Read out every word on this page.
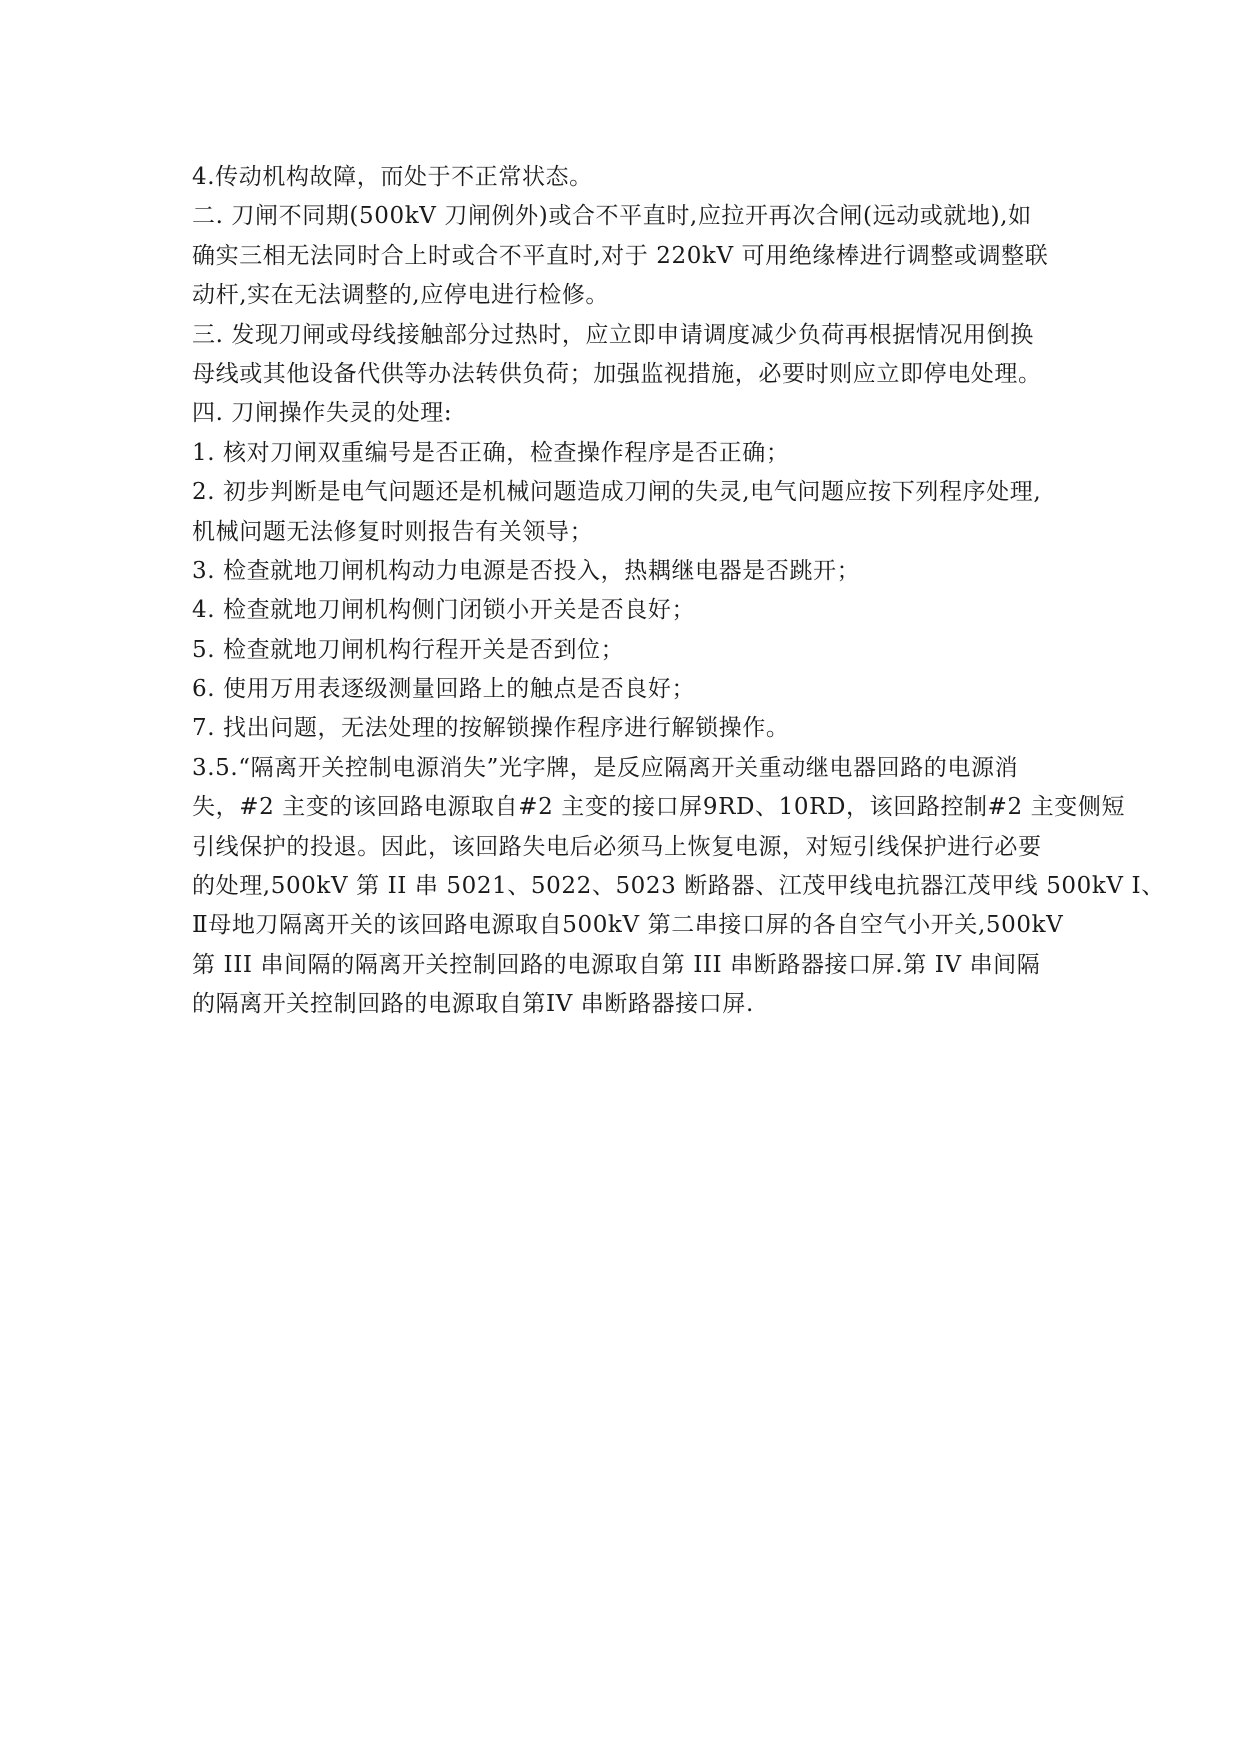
4.传动机构故障，而处于不正常状态。
二. 刀闸不同期(500kV 刀闸例外)或合不平直时,应拉开再次合闸(远动或就地),如
确实三相无法同时合上时或合不平直时,对于 220kV 可用绝缘棒进行调整或调整联
动杆,实在无法调整的,应停电进行检修。
三. 发现刀闸或母线接触部分过热时，应立即申请调度减少负荷再根据情况用倒换
母线或其他设备代供等办法转供负荷；加强监视措施，必要时则应立即停电处理。
四. 刀闸操作失灵的处理:
1. 核对刀闸双重编号是否正确，检查操作程序是否正确；
2. 初步判断是电气问题还是机械问题造成刀闸的失灵,电气问题应按下列程序处理,
机械问题无法修复时则报告有关领导；
3. 检查就地刀闸机构动力电源是否投入，热耦继电器是否跳开；
4. 检查就地刀闸机构侧门闭锁小开关是否良好；
5. 检查就地刀闸机构行程开关是否到位；
6. 使用万用表逐级测量回路上的触点是否良好；
7. 找出问题，无法处理的按解锁操作程序进行解锁操作。
3.5.“隔离开关控制电源消失”光字牌，是反应隔离开关重动继电器回路的电源消
失，#2 主变的该回路电源取自#2 主变的接口屏9RD、10RD，该回路控制#2 主变侧短
引线保护的投退。因此，该回路失电后必须马上恢复电源，对短引线保护进行必要
的处理,500kV 第 II 串 5021、5022、5023 断路器、江茂甲线电抗器江茂甲线 500kV Ⅰ、
Ⅱ母地刀隔离开关的该回路电源取自500kV 第二串接口屏的各自空气小开关,500kV
第 III 串间隔的隔离开关控制回路的电源取自第 III 串断路器接口屏.第 IV 串间隔
的隔离开关控制回路的电源取自第IV 串断路器接口屏.
